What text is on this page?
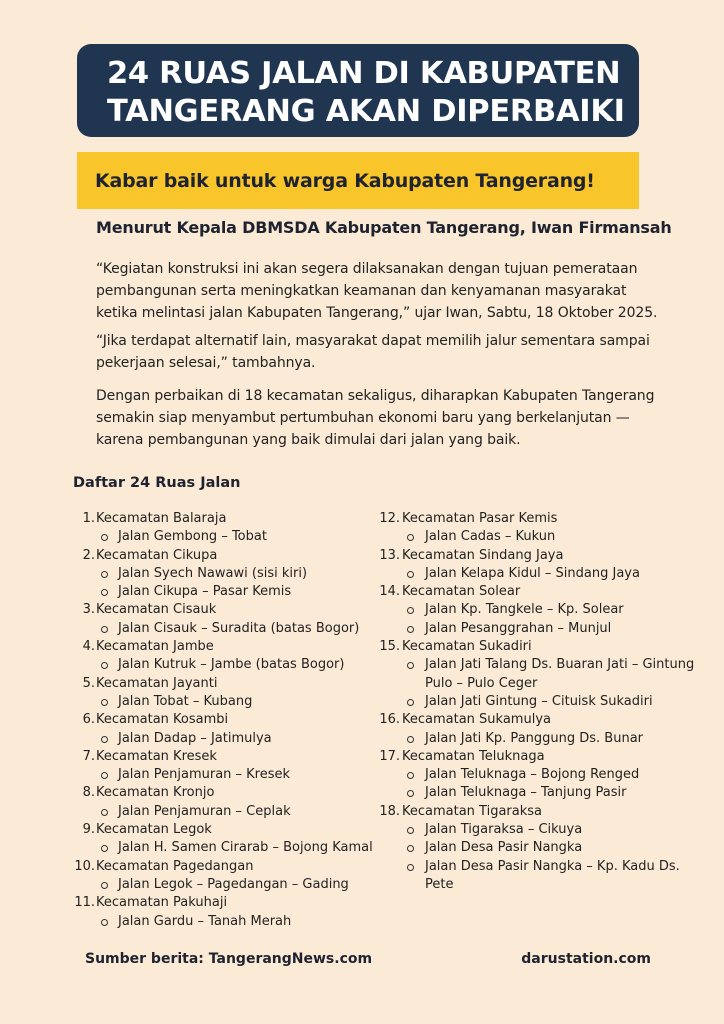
24 RUAS JALAN DI KABUPATEN
TANGERANG AKAN DIPERBAIKI
Kabar baik untuk warga Kabupaten Tangerang!
Menurut Kepala DBMSDA Kabupaten Tangerang, Iwan Firmansah
“Kegiatan konstruksi ini akan segera dilaksanakan dengan tujuan pemerataan pembangunan serta meningkatkan keamanan dan kenyamanan masyarakat ketika melintasi jalan Kabupaten Tangerang,” ujar Iwan, Sabtu, 18 Oktober 2025.
“Jika terdapat alternatif lain, masyarakat dapat memilih jalur sementara sampai pekerjaan selesai,” tambahnya.
Dengan perbaikan di 18 kecamatan sekaligus, diharapkan Kabupaten Tangerang semakin siap menyambut pertumbuhan ekonomi baru yang berkelanjutan — karena pembangunan yang baik dimulai dari jalan yang baik.
Daftar 24 Ruas Jalan
1. Kecamatan Balaraja
Jalan Gembong – Tobat
2. Kecamatan Cikupa
Jalan Syech Nawawi (sisi kiri)
Jalan Cikupa – Pasar Kemis
3. Kecamatan Cisauk
Jalan Cisauk – Suradita (batas Bogor)
4. Kecamatan Jambe
Jalan Kutruk – Jambe (batas Bogor)
5. Kecamatan Jayanti
Jalan Tobat – Kubang
6. Kecamatan Kosambi
Jalan Dadap – Jatimulya
7. Kecamatan Kresek
Jalan Penjamuran – Kresek
8. Kecamatan Kronjo
Jalan Penjamuran – Ceplak
9. Kecamatan Legok
Jalan H. Samen Cirarab – Bojong Kamal
10. Kecamatan Pagedangan
Jalan Legok – Pagedangan – Gading
11. Kecamatan Pakuhaji
Jalan Gardu – Tanah Merah
12. Kecamatan Pasar Kemis
Jalan Cadas – Kukun
13. Kecamatan Sindang Jaya
Jalan Kelapa Kidul – Sindang Jaya
14. Kecamatan Solear
Jalan Kp. Tangkele – Kp. Solear
Jalan Pesanggrahan – Munjul
15. Kecamatan Sukadiri
Jalan Jati Talang Ds. Buaran Jati – Gintung Pulo – Pulo Ceger
Jalan Jati Gintung – Cituisk Sukadiri
16. Kecamatan Sukamulya
Jalan Jati Kp. Panggung Ds. Bunar
17. Kecamatan Teluknaga
Jalan Teluknaga – Bojong Renged
Jalan Teluknaga – Tanjung Pasir
18. Kecamatan Tigaraksa
Jalan Tigaraksa – Cikuya
Jalan Desa Pasir Nangka
Jalan Desa Pasir Nangka – Kp. Kadu Ds. Pete
Sumber berita: TangerangNews.com	darustation.com
